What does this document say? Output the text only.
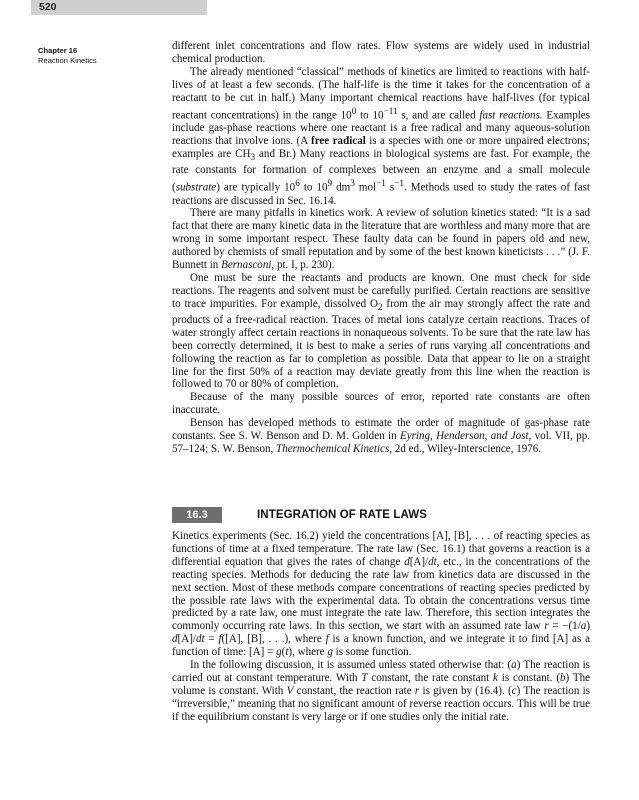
520
Chapter 16
Reaction Kinetics

different inlet concentrations and flow rates. Flow systems are widely used in industrial chemical production.

The already mentioned “classical” methods of kinetics are limited to reactions with half-lives of at least a few seconds. (The half-life is the time it takes for the concentration of a reactant to be cut in half.) Many important chemical reactions have half-lives (for typical reactant concentrations) in the range $10^0$ to $10^{-11}$ s, and are called fast reactions. Examples include gas-phase reactions where one reactant is a free radical and many aqueous-solution reactions that involve ions. (A free radical is a species with one or more unpaired electrons; examples are $CH_3$ and Br.) Many reactions in biological systems are fast. For example, the rate constants for formation of complexes between an enzyme and a small molecule (substrate) are typically $10^6$ to $10^9$ $dm^3$ mol$^{-1}$ $s^{-1}$. Methods used to study the rates of fast reactions are discussed in Sec. 16.14.

There are many pitfalls in kinetics work. A review of solution kinetics stated: “It is a sad fact that there are many kinetic data in the literature that are worthless and many more that are wrong in some important respect. These faulty data can be found in papers old and new, authored by chemists of small reputation and by some of the best known kineticists . . .” (J. F. Bunnett in Bernasconi, pt. I, p. 230).

One must be sure the reactants and products are known. One must check for side reactions. The reagents and solvent must be carefully purified. Certain reactions are sensitive to trace impurities. For example, dissolved $O_2$ from the air may strongly affect the rate and products of a free-radical reaction. Traces of metal ions catalyze certain reactions. Traces of water strongly affect certain reactions in nonaqueous solvents. To be sure that the rate law has been correctly determined, it is best to make a series of runs varying all concentrations and following the reaction as far to completion as possible. Data that appear to lie on a straight line for the first 50% of a reaction may deviate greatly from this line when the reaction is followed to 70 or 80% of completion.

Because of the many possible sources of error, reported rate constants are often inaccurate.

Benson has developed methods to estimate the order of magnitude of gas-phase rate constants. See S. W. Benson and D. M. Golden in Eyring, Henderson, and Jost, vol. VII, pp. 57–124; S. W. Benson, Thermochemical Kinetics, 2d ed., Wiley-Interscience, 1976.

16.3	INTEGRATION OF RATE LAWS

Kinetics experiments (Sec. 16.2) yield the concentrations [A], [B], . . . of reacting species as functions of time at a fixed temperature. The rate law (Sec. 16.1) that governs a reaction is a differential equation that gives the rates of change d[A]/dt, etc., in the concentrations of the reacting species. Methods for deducing the rate law from kinetics data are discussed in the next section. Most of these methods compare concentrations of reacting species predicted by the possible rate laws with the experimental data. To obtain the concentrations versus time predicted by a rate law, one must integrate the rate law. Therefore, this section integrates the commonly occurring rate laws. In this section, we start with an assumed rate law r = −(1/a) d[A]/dt = f([A], [B], . . .), where f is a known function, and we integrate it to find [A] as a function of time: [A] = g(t), where g is some function.

In the following discussion, it is assumed unless stated otherwise that: (a) The reaction is carried out at constant temperature. With T constant, the rate constant k is constant. (b) The volume is constant. With V constant, the reaction rate r is given by (16.4). (c) The reaction is “irreversible,” meaning that no significant amount of reverse reaction occurs. This will be true if the equilibrium constant is very large or if one studies only the initial rate.
